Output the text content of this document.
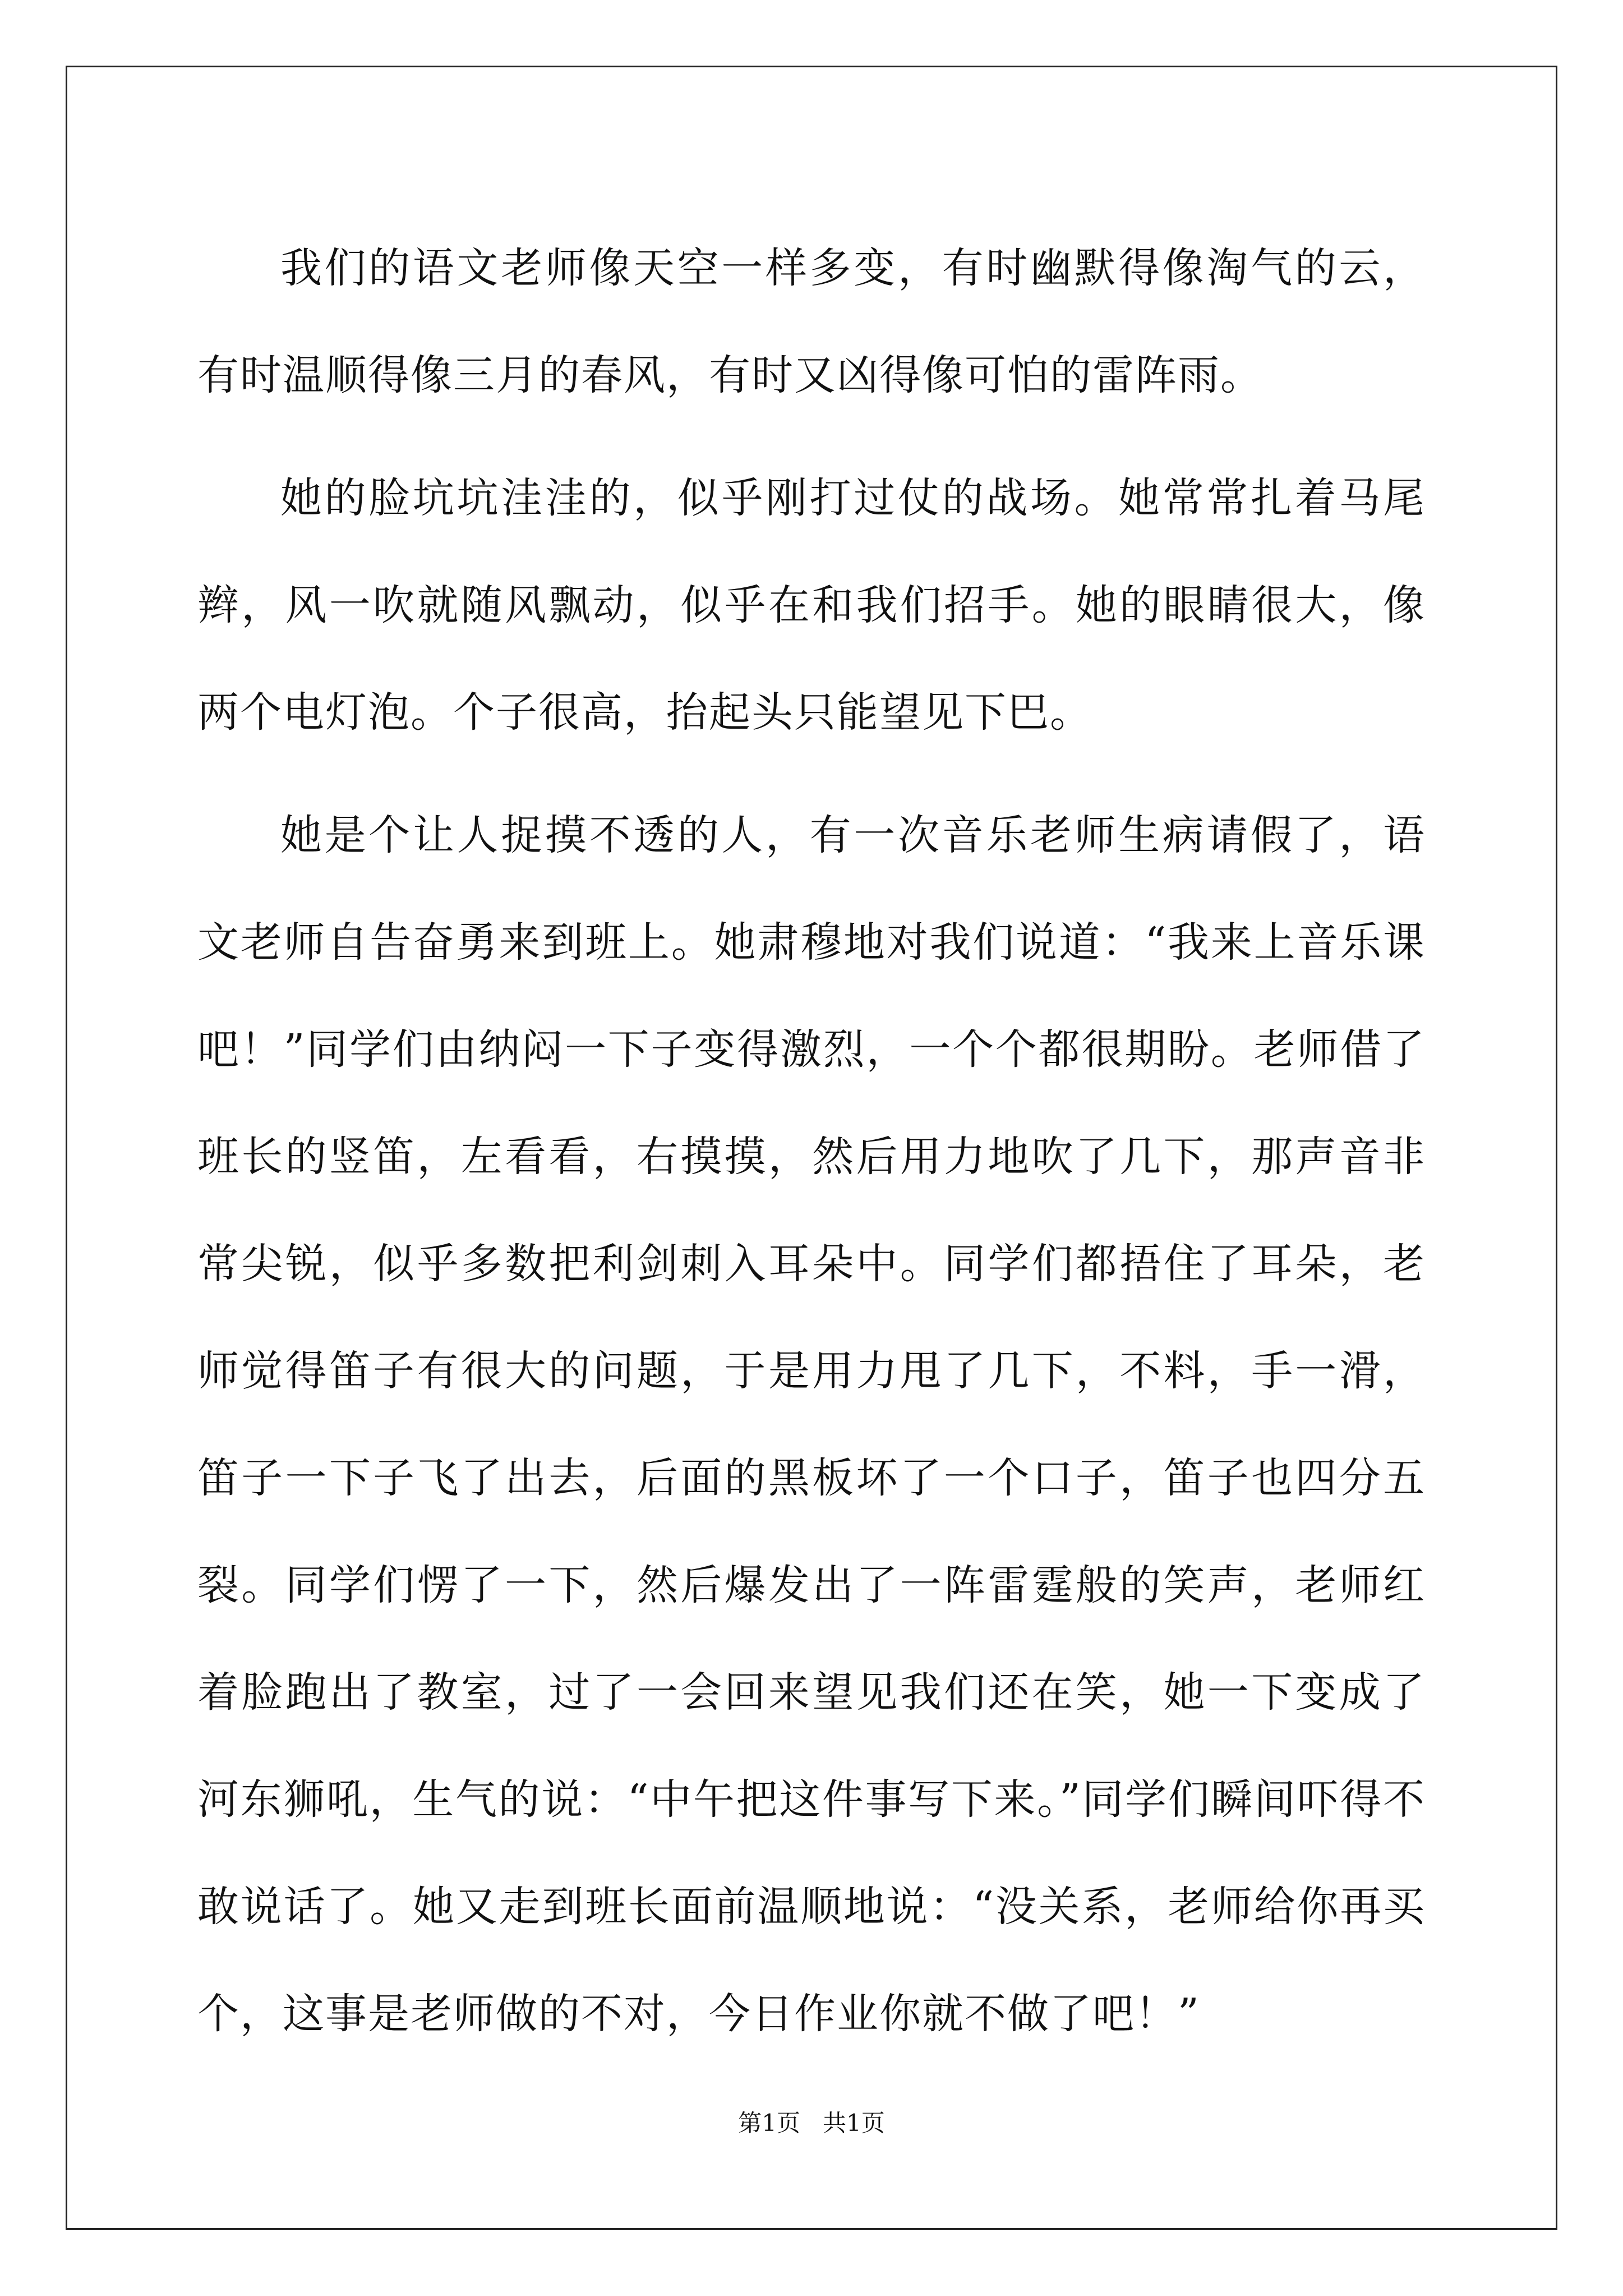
我们的语文老师像天空一样多变，有时幽默得像淘气的云，有时温顺得像三月的春风，有时又凶得像可怕的雷阵雨。

她的脸坑坑洼洼的，似乎刚打过仗的战场。她常常扎着马尾辫，风一吹就随风飘动，似乎在和我们招手。她的眼睛很大，像两个电灯泡。个子很高，抬起头只能望见下巴。

她是个让人捉摸不透的人，有一次音乐老师生病请假了，语文老师自告奋勇来到班上。她肃穆地对我们说道：“我来上音乐课吧！”同学们由纳闷一下子变得激烈，一个个都很期盼。老师借了班长的竖笛，左看看，右摸摸，然后用力地吹了几下，那声音非常尖锐，似乎多数把利剑刺入耳朵中。同学们都捂住了耳朵，老师觉得笛子有很大的问题，于是用力甩了几下，不料，手一滑，笛子一下子飞了出去，后面的黑板坏了一个口子，笛子也四分五裂。同学们愣了一下，然后爆发出了一阵雷霆般的笑声，老师红着脸跑出了教室，过了一会回来望见我们还在笑，她一下变成了河东狮吼，生气的说：“中午把这件事写下来。”同学们瞬间吓得不敢说话了。她又走到班长面前温顺地说：“没关系，老师给你再买个，这事是老师做的不对，今日作业你就不做了吧！”

第1页 共1页
